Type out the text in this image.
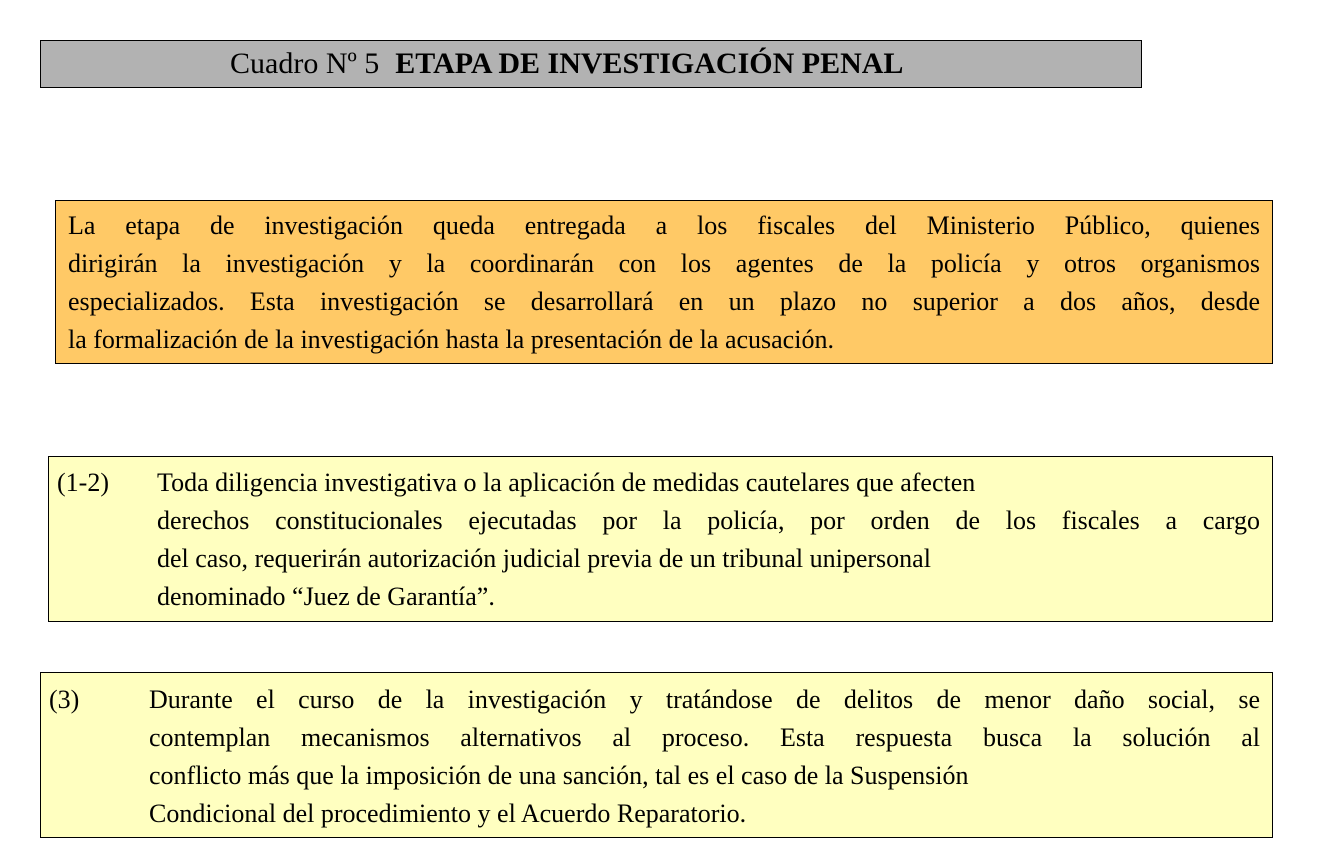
Cuadro Nº 5 ETAPA DE INVESTIGACIÓN PENAL
La etapa de investigación queda entregada a los fiscales del Ministerio Público, quienes
dirigirán la investigación y la coordinarán con los agentes de la policía y otros organismos
especializados. Esta investigación se desarrollará en un plazo no superior a dos años, desde
la formalización de la investigación hasta la presentación de la acusación.
(1-2)	Toda diligencia investigativa o la aplicación de medidas cautelares que afecten
derechos constitucionales ejecutadas por la policía, por orden de los fiscales a cargo
del caso, requerirán autorización judicial previa de un tribunal unipersonal
denominado “Juez de Garantía”.
(3)	Durante el curso de la investigación y tratándose de delitos de menor daño social, se
contemplan mecanismos alternativos al proceso. Esta respuesta busca la solución al
conflicto más que la imposición de una sanción, tal es el caso de la Suspensión
Condicional del procedimiento y el Acuerdo Reparatorio.
